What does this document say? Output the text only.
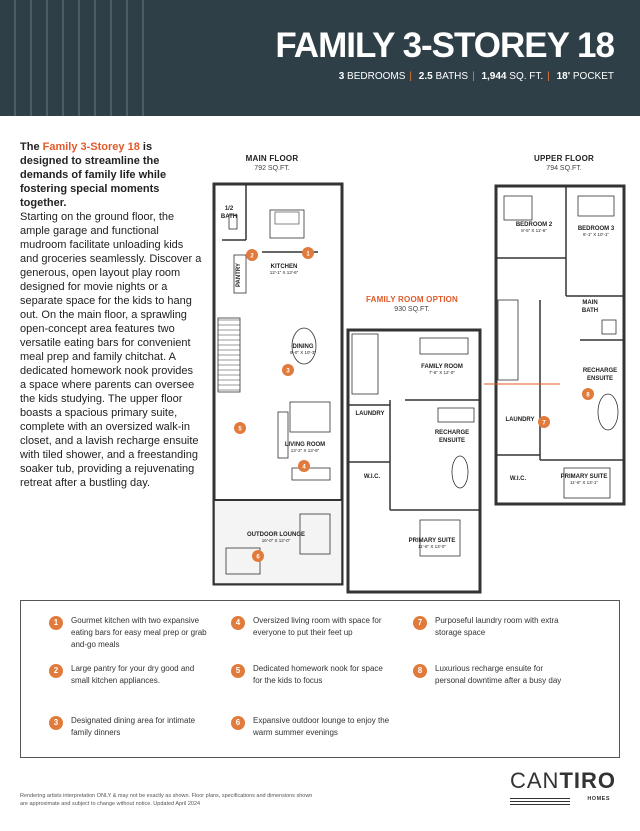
FAMILY 3-STOREY 18
3 BEDROOMS | 2.5 BATHS | 1,944 SQ. FT. | 18' POCKET
The Family 3-Storey 18 is designed to streamline the demands of family life while fostering special moments together.
Starting on the ground floor, the ample garage and functional mudroom facilitate unloading kids and groceries seamlessly. Discover a generous, open layout play room designed for movie nights or a separate space for the kids to hang out. On the main floor, a sprawling open-concept area features two versatile eating bars for convenient meal prep and family chitchat. A dedicated homework nook provides a space where parents can oversee the kids studying. The upper floor boasts a spacious primary suite, complete with an oversized walk-in closet, and a lavish recharge ensuite with tiled shower, and a freestanding soaker tub, providing a rejuvenating retreat after a bustling day.
MAIN FLOOR
792 SQ.FT.
FAMILY ROOM OPTION
930 SQ.FT.
UPPER FLOOR
794 SQ.FT.
1/2
BATH
PANTRY	KITCHEN
12'-1" X 13'-6"
DINING
9'-0" X 10'-3"
LIVING ROOM
13'-2" X 13'-8"
OUTDOOR LOUNGE
16'-0" X 12'-0"
FAMILY ROOM
7'-6" X 12'-0"
LAUNDRY
RECHARGE
ENSUITE
W.I.C.
PRIMARY SUITE
11'-6" X 13'-0"
BEDROOM 2
8'-5" X 11'-6"	BEDROOM 3
8'-1" X 10'-1"
MAIN
BATH
RECHARGE
ENSUITE
LAUNDRY
W.I.C.	PRIMARY SUITE
11'-6" X 13'-1"
1
2
3
4
5
6
7
8
1	Gourmet kitchen with two expansive eating bars for easy meal prep or grab and-go meals
2	Large pantry for your dry good and small kitchen appliances.
3	Designated dining area for intimate family dinners
4	Oversized living room with space for everyone to put their feet up
5	Dedicated homework nook for space for the kids to focus
6	Expansive outdoor lounge to enjoy the warm summer evenings
7	Purposeful laundry room with extra storage space
8	Luxurious recharge ensuite for personal downtime after a busy day
Rendering artists interpretation ONLY & may not be exactly as shown. Floor plans, specifications and dimensions shown are approximate and subject to change without notice. Updated April 2024
CANTIRO
HOMES
